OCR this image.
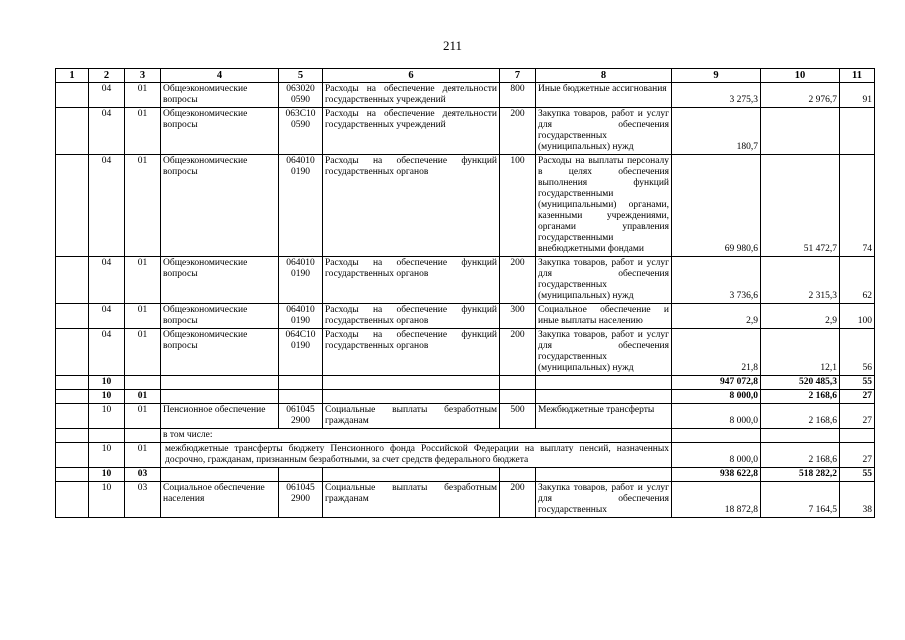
211
1	2	3	4	5	6	7	8	9	10	11
	04	01	Общеэкономические вопросы	063020 0590	Расходы на обеспечение деятельности государственных учреждений	800	Иные бюджетные ассигнования	3 275,3	2 976,7	91
	04	01	Общеэкономические вопросы	063С10 0590	Расходы на обеспечение деятельности государственных учреждений	200	Закупка товаров, работ и услуг для обеспечения государственных (муниципальных) нужд	180,7		
	04	01	Общеэкономические вопросы	064010 0190	Расходы на обеспечение функций государственных органов	100	Расходы на выплаты персоналу в целях обеспечения выполнения функций государственными (муниципальными) органами, казенными учреждениями, органами управления государственными внебюджетными фондами	69 980,6	51 472,7	74
	04	01	Общеэкономические вопросы	064010 0190	Расходы на обеспечение функций государственных органов	200	Закупка товаров, работ и услуг для обеспечения государственных (муниципальных) нужд	3 736,6	2 315,3	62
	04	01	Общеэкономические вопросы	064010 0190	Расходы на обеспечение функций государственных органов	300	Социальное обеспечение и иные выплаты населению	2,9	2,9	100
	04	01	Общеэкономические вопросы	064С10 0190	Расходы на обеспечение функций государственных органов	200	Закупка товаров, работ и услуг для обеспечения государственных (муниципальных) нужд	21,8	12,1	56
	10							947 072,8	520 485,3	55
	10	01						8 000,0	2 168,6	27
	10	01	Пенсионное обеспечение	061045 2900	Социальные выплаты безработным гражданам	500	Межбюджетные трансферты	8 000,0	2 168,6	27
			в том числе:							
	10	01	межбюджетные трансферты бюджету Пенсионного фонда Российской Федерации на выплату пенсий, назначенных досрочно, гражданам, признанным безработными, за счет средств федерального бюджета					8 000,0	2 168,6	27
	10	03						938 622,8	518 282,2	55
	10	03	Социальное обеспечение населения	061045 2900	Социальные выплаты безработным гражданам	200	Закупка товаров, работ и услуг для обеспечения государственных	18 872,8	7 164,5	38
